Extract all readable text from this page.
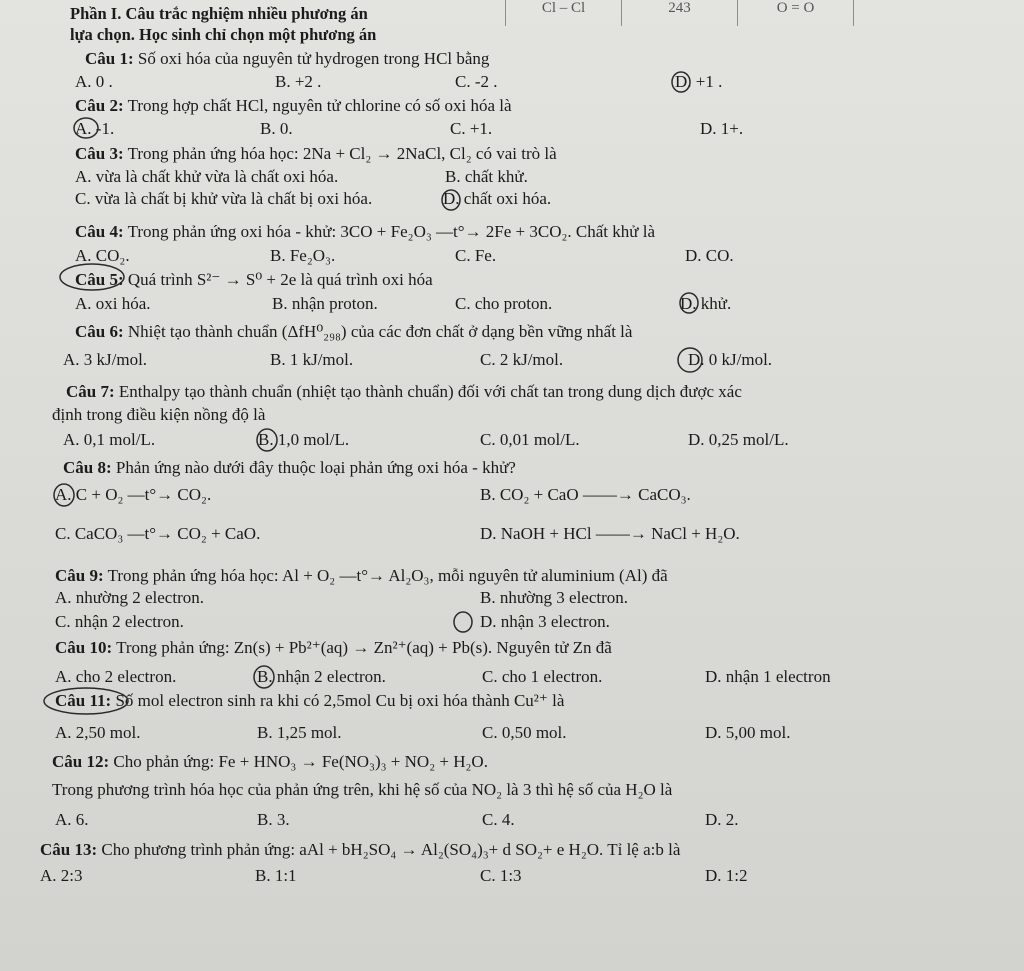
Cl – Cl	243	O = O
Phần I. Câu trắc nghiệm nhiều phương án
lựa chọn. Học sinh chỉ chọn một phương án
Câu 1: Số oxi hóa của nguyên tử hydrogen trong HCl bằng
A. 0 .	B. +2 .	C. -2 .	D. +1 .
Câu 2: Trong hợp chất HCl, nguyên tử chlorine có số oxi hóa là
A. -1.	B. 0.	C. +1.	D. 1+.
Câu 3: Trong phản ứng hóa học: 2Na + Cl₂ → 2NaCl, Cl₂ có vai trò là
A. vừa là chất khử vừa là chất oxi hóa.	B. chất khử.
C. vừa là chất bị khử vừa là chất bị oxi hóa.	D. chất oxi hóa.
Câu 4: Trong phản ứng oxi hóa - khử: 3CO + Fe₂O₃ —t°→ 2Fe + 3CO₂. Chất khử là
A. CO₂.	B. Fe₂O₃.	C. Fe.	D. CO.
Câu 5: Quá trình S²⁻ → S⁰ + 2e là quá trình oxi hóa
A. oxi hóa.	B. nhận proton.	C. cho proton.	D. khử.
Câu 6: Nhiệt tạo thành chuẩn (ΔfH⁰₂₉₈) của các đơn chất ở dạng bền vững nhất là
A. 3 kJ/mol.	B. 1 kJ/mol.	C. 2 kJ/mol.	D. 0 kJ/mol.
Câu 7: Enthalpy tạo thành chuẩn (nhiệt tạo thành chuẩn) đối với chất tan trong dung dịch được xác
định trong điều kiện nồng độ là
A. 0,1 mol/L.	B. 1,0 mol/L.	C. 0,01 mol/L.	D. 0,25 mol/L.
Câu 8: Phản ứng nào dưới đây thuộc loại phản ứng oxi hóa - khử?
A. C + O₂ —t°→ CO₂.	B. CO₂ + CaO ——→ CaCO₃.
C. CaCO₃ —t°→ CO₂ + CaO.	D. NaOH + HCl ——→ NaCl + H₂O.
Câu 9: Trong phản ứng hóa học: Al + O₂ —t°→ Al₂O₃, mỗi nguyên tử aluminium (Al) đã
A. nhường 2 electron.	B. nhường 3 electron.
C. nhận 2 electron.	D. nhận 3 electron.
Câu 10: Trong phản ứng: Zn(s) + Pb²⁺(aq) → Zn²⁺(aq) + Pb(s). Nguyên tử Zn đã
A. cho 2 electron.	B. nhận 2 electron.	C. cho 1 electron.	D. nhận 1 electron
Câu 11: Số mol electron sinh ra khi có 2,5mol Cu bị oxi hóa thành Cu²⁺ là
A. 2,50 mol.	B. 1,25 mol.	C. 0,50 mol.	D. 5,00 mol.
Câu 12: Cho phản ứng: Fe + HNO₃ → Fe(NO₃)₃ + NO₂ + H₂O.
Trong phương trình hóa học của phản ứng trên, khi hệ số của NO₂ là 3 thì hệ số của H₂O là
A. 6.	B. 3.	C. 4.	D. 2.
Câu 13: Cho phương trình phản ứng: aAl + bH₂SO₄ → Al₂(SO₄)₃+ d SO₂+ e H₂O. Tỉ lệ a:b là
A. 2:3	B. 1:1	C. 1:3	D. 1:2
